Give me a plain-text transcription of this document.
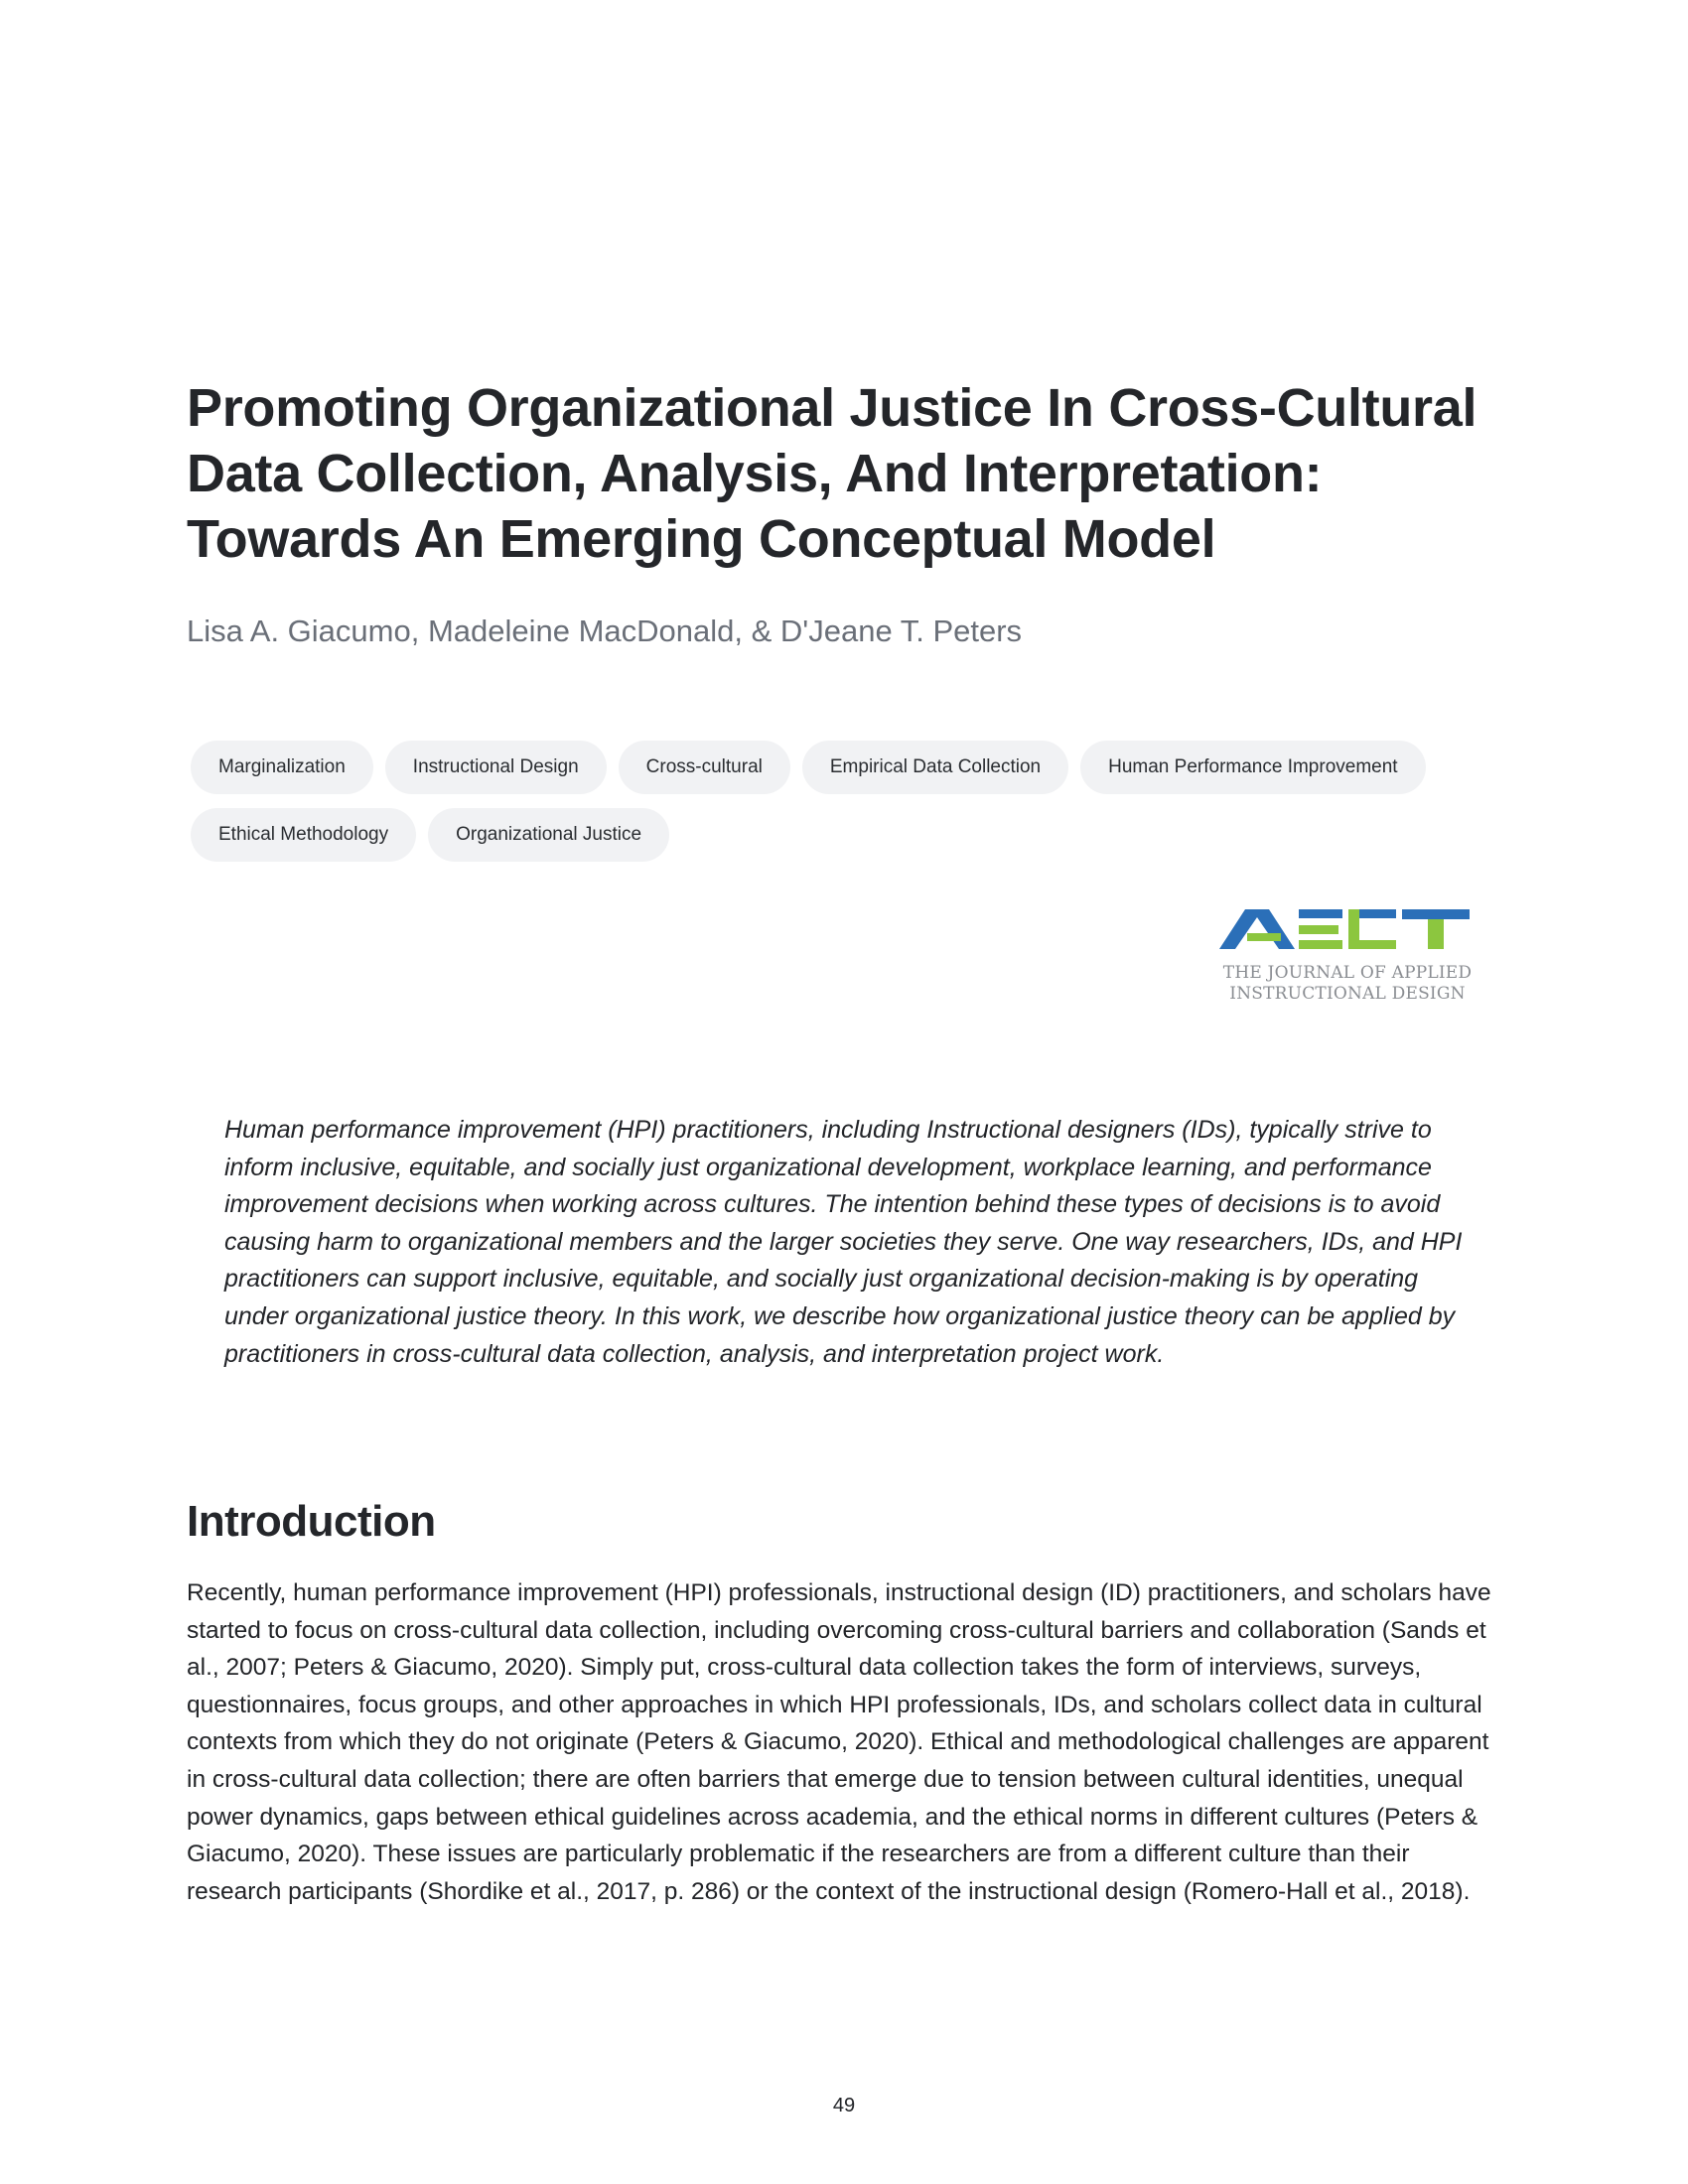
Promoting Organizational Justice In Cross-Cultural
Data Collection, Analysis, And Interpretation:
Towards An Emerging Conceptual Model

Lisa A. Giacumo, Madeleine MacDonald, & D'Jeane T. Peters

Marginalization	Instructional Design	Cross-cultural	Empirical Data Collection	Human Performance Improvement
Ethical Methodology	Organizational Justice
THE JOURNAL OF APPLIED
INSTRUCTIONAL DESIGN

Human performance improvement (HPI) practitioners, including Instructional designers (IDs), typically strive to inform inclusive, equitable, and socially just organizational development, workplace learning, and performance improvement decisions when working across cultures. The intention behind these types of decisions is to avoid causing harm to organizational members and the larger societies they serve. One way researchers, IDs, and HPI practitioners can support inclusive, equitable, and socially just organizational decision-making is by operating under organizational justice theory. In this work, we describe how organizational justice theory can be applied by practitioners in cross-cultural data collection, analysis, and interpretation project work.

Introduction

Recently, human performance improvement (HPI) professionals, instructional design (ID) practitioners, and scholars have started to focus on cross-cultural data collection, including overcoming cross-cultural barriers and collaboration (Sands et al., 2007; Peters & Giacumo, 2020). Simply put, cross-cultural data collection takes the form of interviews, surveys, questionnaires, focus groups, and other approaches in which HPI professionals, IDs, and scholars collect data in cultural contexts from which they do not originate (Peters & Giacumo, 2020). Ethical and methodological challenges are apparent in cross-cultural data collection; there are often barriers that emerge due to tension between cultural identities, unequal power dynamics, gaps between ethical guidelines across academia, and the ethical norms in different cultures (Peters & Giacumo, 2020). These issues are particularly problematic if the researchers are from a different culture than their research participants (Shordike et al., 2017, p. 286) or the context of the instructional design (Romero-Hall et al., 2018).

49
